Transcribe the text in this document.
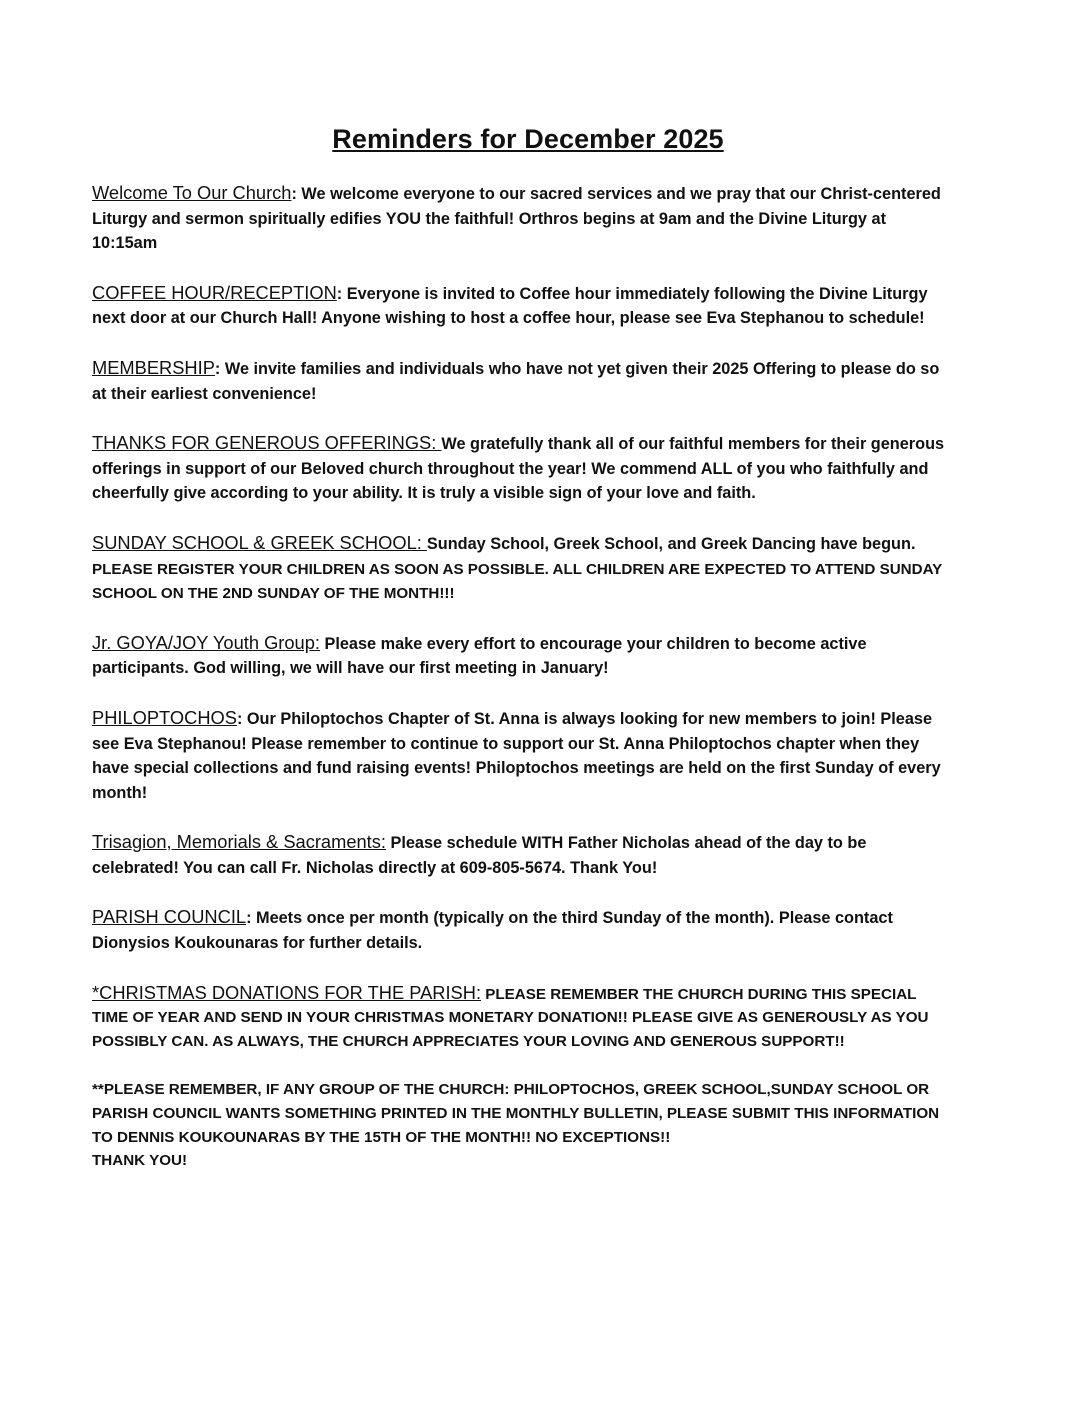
Reminders for December 2025

Welcome To Our Church: We welcome everyone to our sacred services and we pray that our Christ-centered Liturgy and sermon spiritually edifies YOU the faithful! Orthros begins at 9am and the Divine Liturgy at 10:15am

COFFEE HOUR/RECEPTION: Everyone is invited to Coffee hour immediately following the Divine Liturgy next door at our Church Hall! Anyone wishing to host a coffee hour, please see Eva Stephanou to schedule!

MEMBERSHIP: We invite families and individuals who have not yet given their 2025 Offering to please do so at their earliest convenience!

THANKS FOR GENEROUS OFFERINGS: We gratefully thank all of our faithful members for their generous offerings in support of our Beloved church throughout the year! We commend ALL of you who faithfully and cheerfully give according to your ability. It is truly a visible sign of your love and faith.

SUNDAY SCHOOL & GREEK SCHOOL: Sunday School, Greek School, and Greek Dancing have begun. PLEASE REGISTER YOUR CHILDREN AS SOON AS POSSIBLE. ALL CHILDREN ARE EXPECTED TO ATTEND SUNDAY SCHOOL ON THE 2ND SUNDAY OF THE MONTH!!!

Jr. GOYA/JOY Youth Group: Please make every effort to encourage your children to become active participants. God willing, we will have our first meeting in January!

PHILOPTOCHOS: Our Philoptochos Chapter of St. Anna is always looking for new members to join! Please see Eva Stephanou! Please remember to continue to support our St. Anna Philoptochos chapter when they have special collections and fund raising events! Philoptochos meetings are held on the first Sunday of every month!

Trisagion, Memorials & Sacraments: Please schedule WITH Father Nicholas ahead of the day to be celebrated! You can call Fr. Nicholas directly at 609-805-5674. Thank You!

PARISH COUNCIL: Meets once per month (typically on the third Sunday of the month). Please contact Dionysios Koukounaras for further details.

*CHRISTMAS DONATIONS FOR THE PARISH: PLEASE REMEMBER THE CHURCH DURING THIS SPECIAL TIME OF YEAR AND SEND IN YOUR CHRISTMAS MONETARY DONATION!! PLEASE GIVE AS GENEROUSLY AS YOU POSSIBLY CAN. AS ALWAYS, THE CHURCH APPRECIATES YOUR LOVING AND GENEROUS SUPPORT!!

**PLEASE REMEMBER, IF ANY GROUP OF THE CHURCH: PHILOPTOCHOS, GREEK SCHOOL,SUNDAY SCHOOL OR PARISH COUNCIL WANTS SOMETHING PRINTED IN THE MONTHLY BULLETIN, PLEASE SUBMIT THIS INFORMATION TO DENNIS KOUKOUNARAS BY THE 15TH OF THE MONTH!! NO EXCEPTIONS!!
THANK YOU!
